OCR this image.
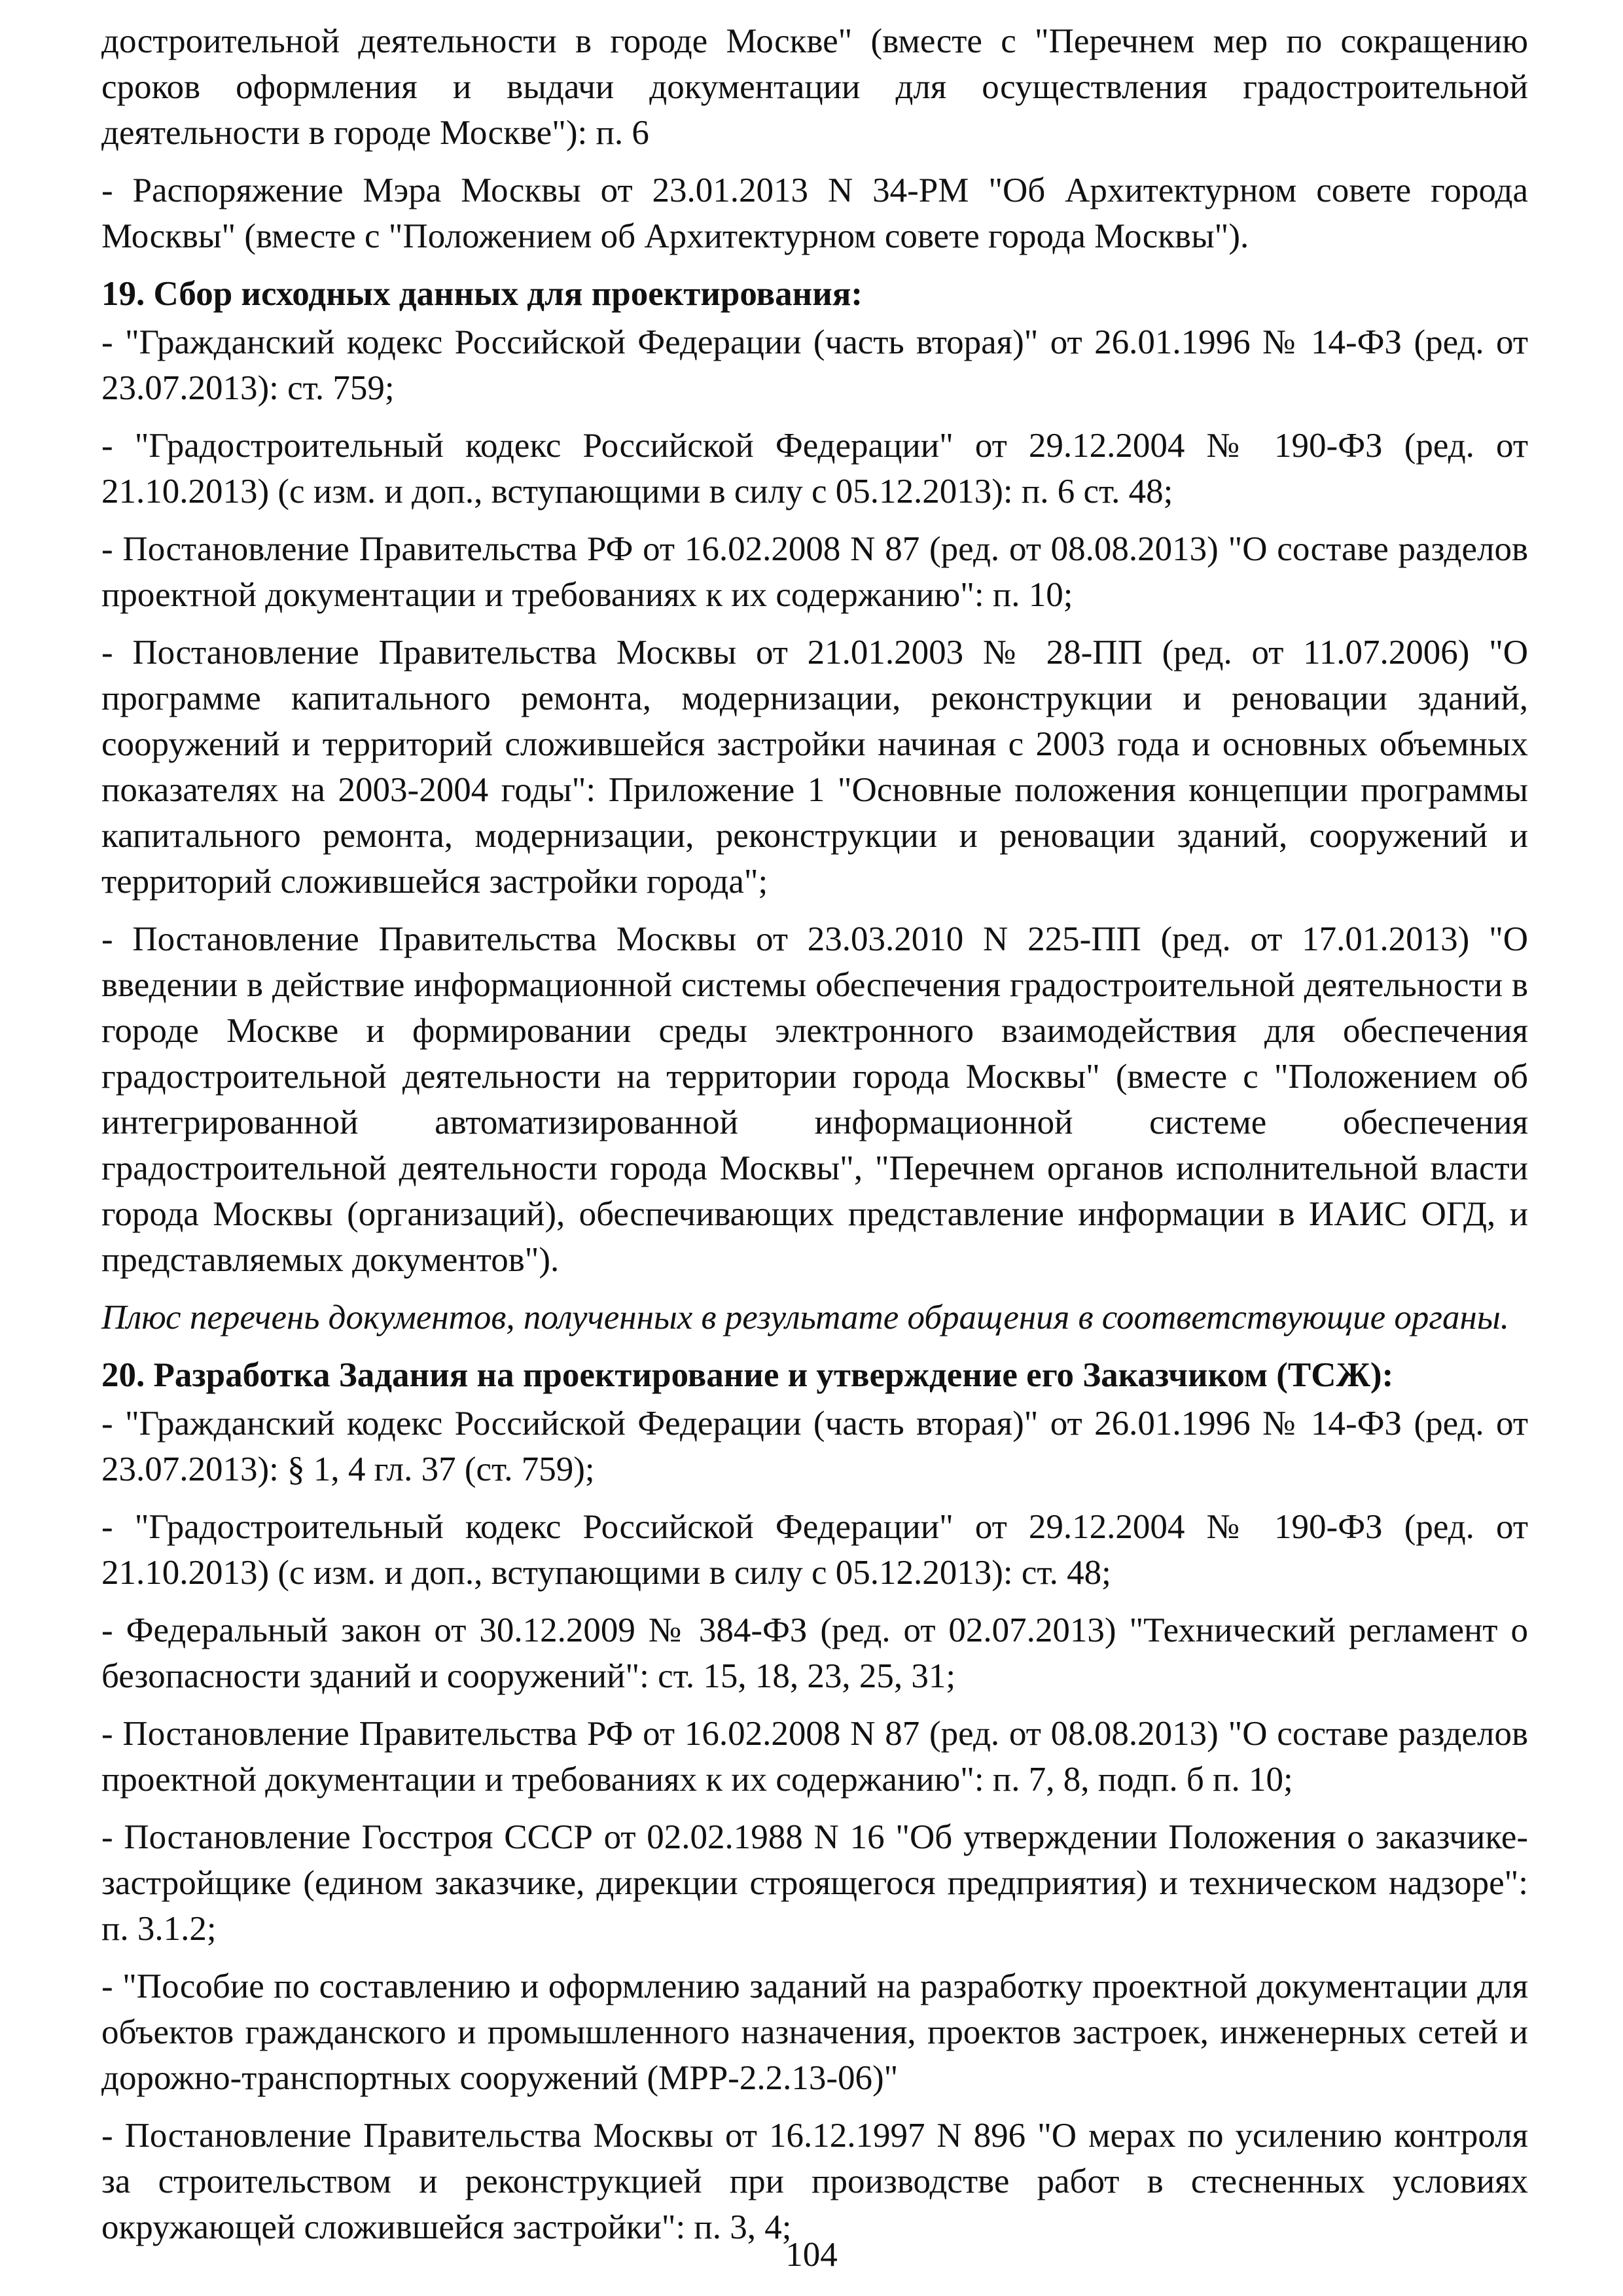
достроительной деятельности в городе Москве" (вместе с "Перечнем мер по сокращению сроков оформления и выдачи документации для осуществления градостроительной деятельности в городе Москве"): п. 6

- Распоряжение Мэра Москвы от 23.01.2013 N 34-РМ "Об Архитектурном совете города Москвы" (вместе с "Положением об Архитектурном совете города Москвы").

19. Сбор исходных данных для проектирования:

- "Гражданский кодекс Российской Федерации (часть вторая)" от 26.01.1996 № 14-ФЗ (ред. от 23.07.2013): ст. 759;

- "Градостроительный кодекс Российской Федерации" от 29.12.2004 № 190-ФЗ (ред. от 21.10.2013) (с изм. и доп., вступающими в силу с 05.12.2013): п. 6 ст. 48;

- Постановление Правительства РФ от 16.02.2008 N 87 (ред. от 08.08.2013) "О составе разделов проектной документации и требованиях к их содержанию": п. 10;

- Постановление Правительства Москвы от 21.01.2003 № 28-ПП (ред. от 11.07.2006) "О программе капитального ремонта, модернизации, реконструкции и реновации зданий, сооружений и территорий сложившейся застройки начиная с 2003 года и основных объемных показателях на 2003-2004 годы": Приложение 1 "Основные положения концепции программы капитального ремонта, модернизации, реконструкции и реновации зданий, сооружений и территорий сложившейся застройки города";

- Постановление Правительства Москвы от 23.03.2010 N 225-ПП (ред. от 17.01.2013) "О введении в действие информационной системы обеспечения градостроительной деятельности в городе Москве и формировании среды электронного взаимодействия для обеспечения градостроительной деятельности на территории города Москвы" (вместе с "Положением об интегрированной автоматизированной информационной системе обеспечения градостроительной деятельности города Москвы", "Перечнем органов исполнительной власти города Москвы (организаций), обеспечивающих представление информации в ИАИС ОГД, и представляемых документов").

Плюс перечень документов, полученных в результате обращения в соответствующие органы.

20. Разработка Задания на проектирование и утверждение его Заказчиком (ТСЖ):

- "Гражданский кодекс Российской Федерации (часть вторая)" от 26.01.1996 № 14-ФЗ (ред. от 23.07.2013): § 1, 4 гл. 37 (ст. 759);

- "Градостроительный кодекс Российской Федерации" от 29.12.2004 № 190-ФЗ (ред. от 21.10.2013) (с изм. и доп., вступающими в силу с 05.12.2013): ст. 48;

- Федеральный закон от 30.12.2009 № 384-ФЗ (ред. от 02.07.2013) "Технический регламент о безопасности зданий и сооружений": ст. 15, 18, 23, 25, 31;

- Постановление Правительства РФ от 16.02.2008 N 87 (ред. от 08.08.2013) "О составе разделов проектной документации и требованиях к их содержанию": п. 7, 8, подп. б п. 10;

- Постановление Госстроя СССР от 02.02.1988 N 16 "Об утверждении Положения о заказчике-застройщике (едином заказчике, дирекции строящегося предприятия) и техническом надзоре": п. 3.1.2;

- "Пособие по составлению и оформлению заданий на разработку проектной документации для объектов гражданского и промышленного назначения, проектов застроек, инженерных сетей и дорожно-транспортных сооружений (МРР-2.2.13-06)"

- Постановление Правительства Москвы от 16.12.1997 N 896 "О мерах по усилению контроля за строительством и реконструкцией при производстве работ в стесненных условиях окружающей сложившейся застройки": п. 3, 4;

104
